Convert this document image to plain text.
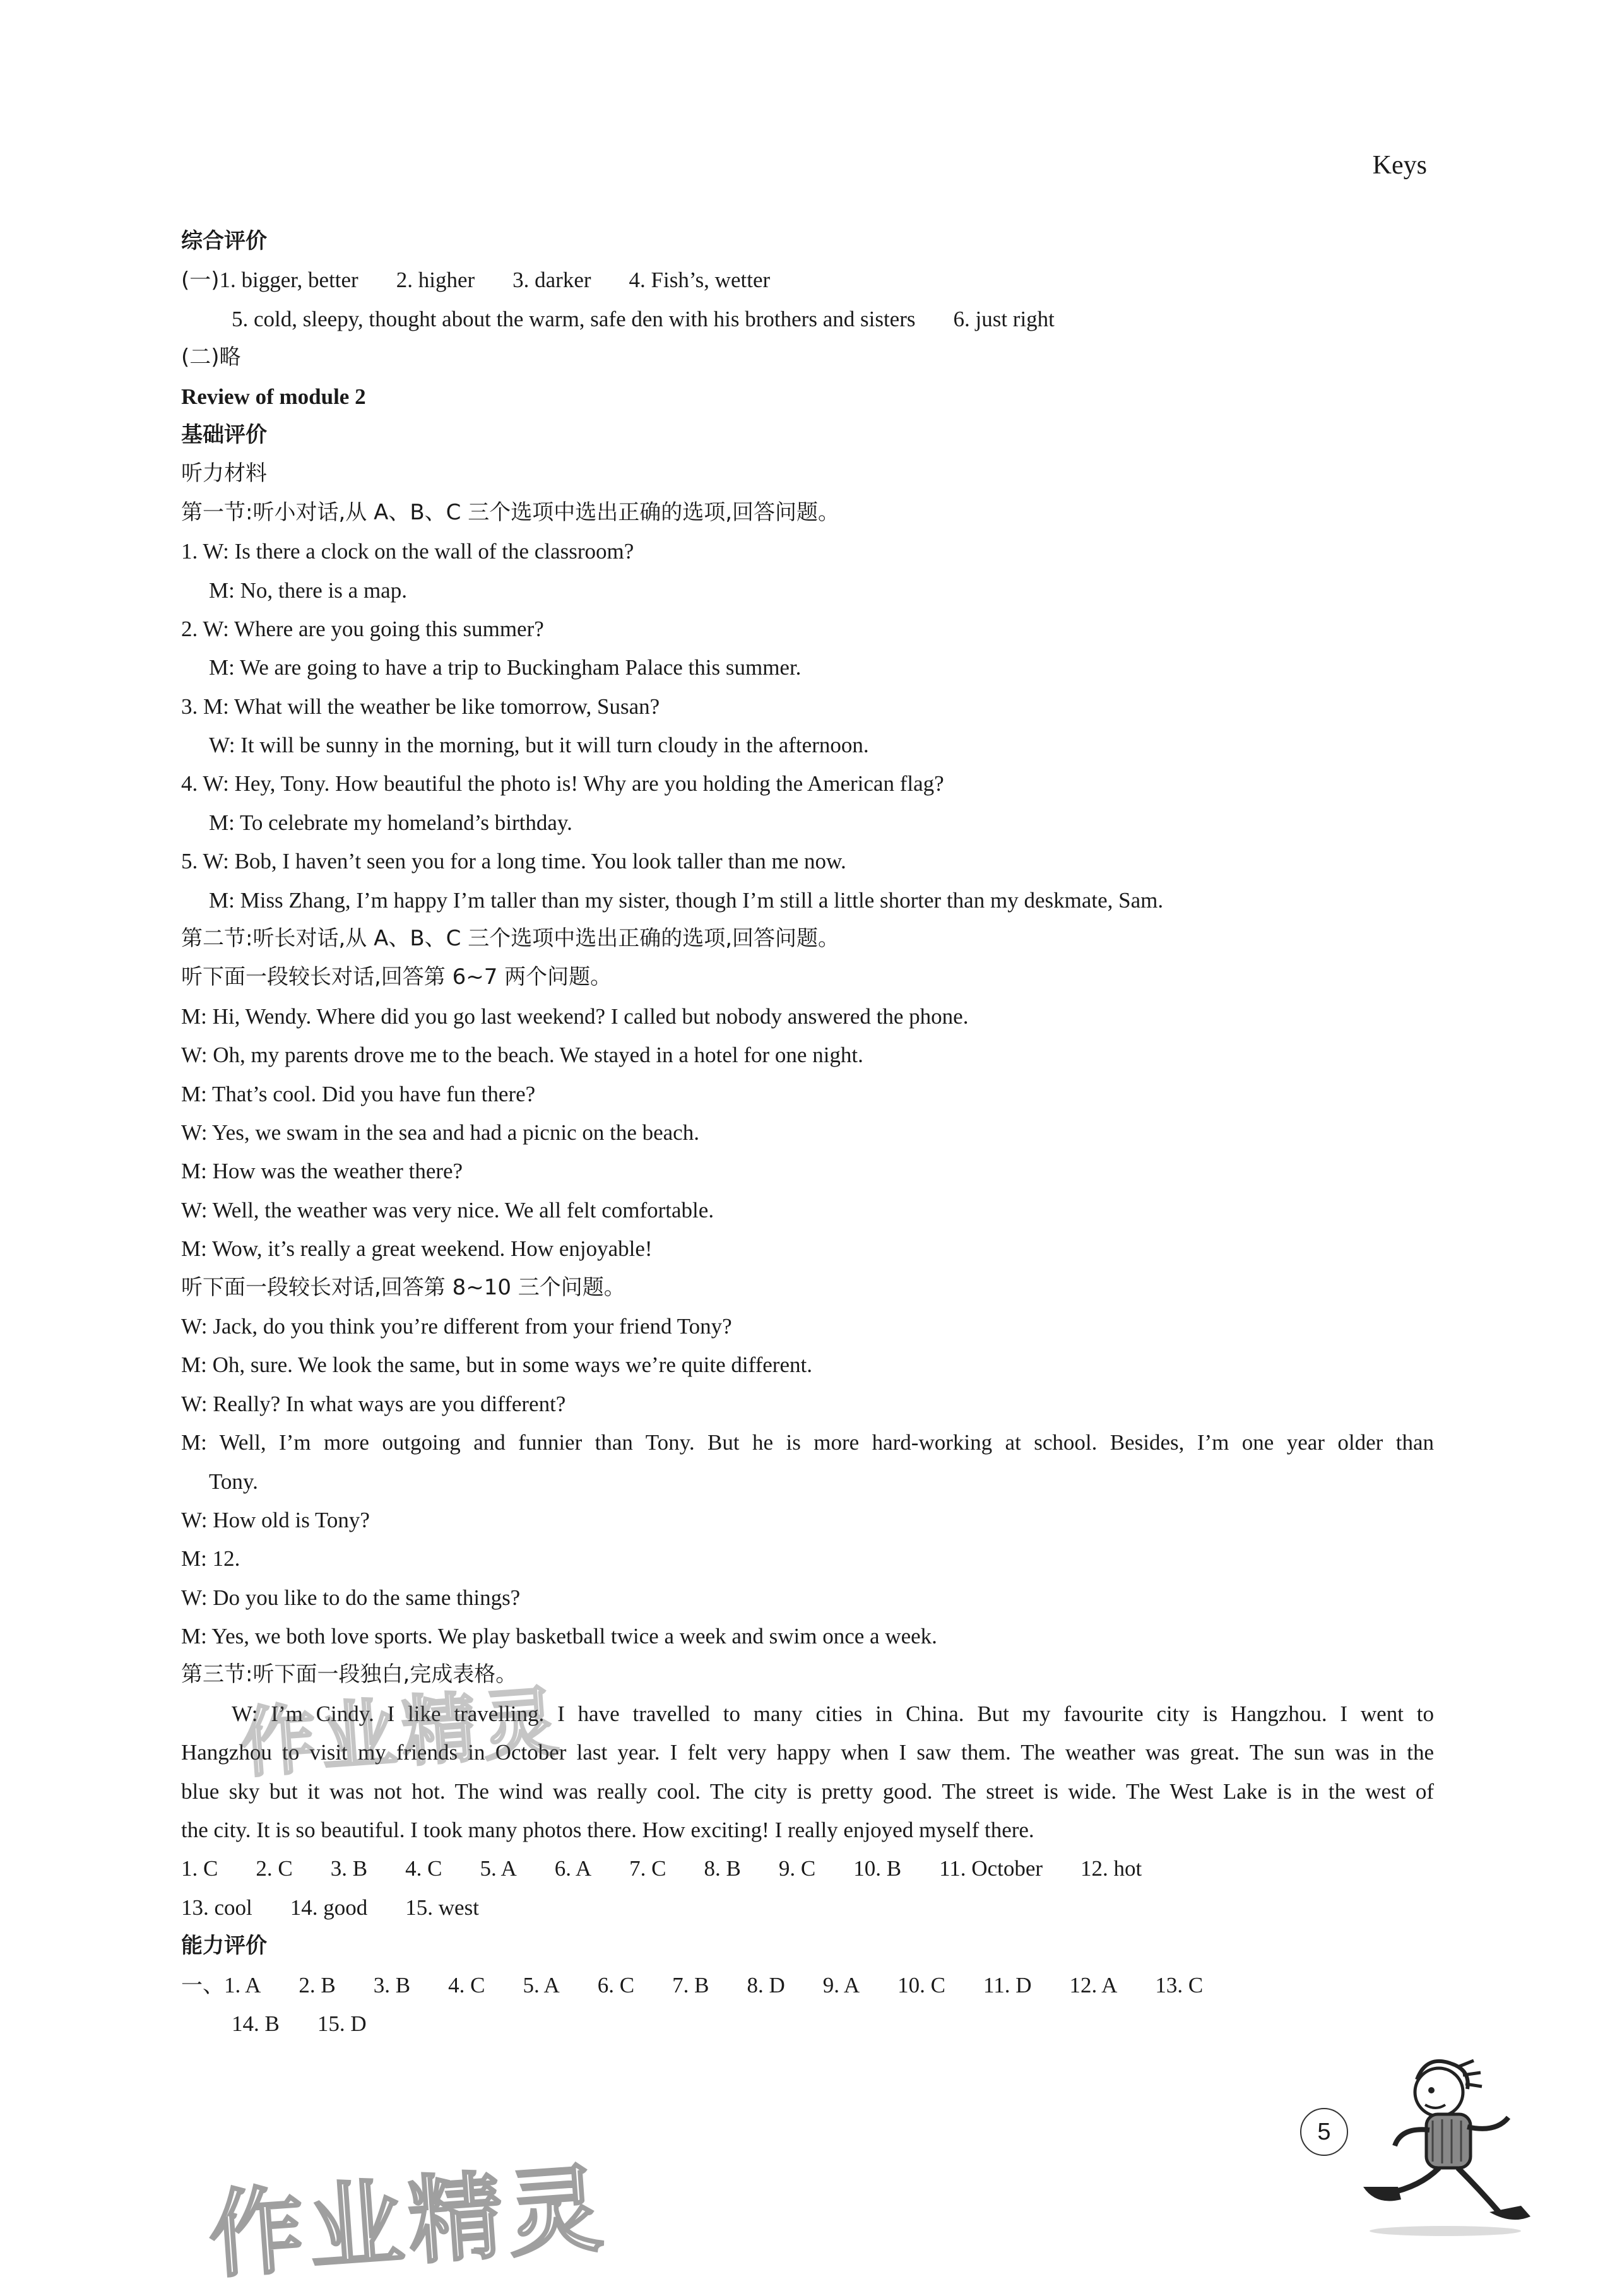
Keys
综合评价
(一)1. bigger, better 2. higher 3. darker 4. Fish’s, wetter
5. cold, sleepy, thought about the warm, safe den with his brothers and sisters 6. just right
(二)略
Review of module 2
基础评价
听力材料
第一节:听小对话,从 A、B、C 三个选项中选出正确的选项,回答问题。
1. W: Is there a clock on the wall of the classroom?
M: No, there is a map.
2. W: Where are you going this summer?
M: We are going to have a trip to Buckingham Palace this summer.
3. M: What will the weather be like tomorrow, Susan?
W: It will be sunny in the morning, but it will turn cloudy in the afternoon.
4. W: Hey, Tony. How beautiful the photo is! Why are you holding the American flag?
M: To celebrate my homeland’s birthday.
5. W: Bob, I haven’t seen you for a long time. You look taller than me now.
M: Miss Zhang, I’m happy I’m taller than my sister, though I’m still a little shorter than my deskmate, Sam.
第二节:听长对话,从 A、B、C 三个选项中选出正确的选项,回答问题。
听下面一段较长对话,回答第 6~7 两个问题。
M: Hi, Wendy. Where did you go last weekend? I called but nobody answered the phone.
W: Oh, my parents drove me to the beach. We stayed in a hotel for one night.
M: That’s cool. Did you have fun there?
W: Yes, we swam in the sea and had a picnic on the beach.
M: How was the weather there?
W: Well, the weather was very nice. We all felt comfortable.
M: Wow, it’s really a great weekend. How enjoyable!
听下面一段较长对话,回答第 8~10 三个问题。
W: Jack, do you think you’re different from your friend Tony?
M: Oh, sure. We look the same, but in some ways we’re quite different.
W: Really? In what ways are you different?
M: Well, I’m more outgoing and funnier than Tony. But he is more hard-working at school. Besides, I’m one year older than
Tony.
W: How old is Tony?
M: 12.
W: Do you like to do the same things?
M: Yes, we both love sports. We play basketball twice a week and swim once a week.
第三节:听下面一段独白,完成表格。
W: I’m Cindy. I like travelling. I have travelled to many cities in China. But my favourite city is Hangzhou. I went to
Hangzhou to visit my friends in October last year. I felt very happy when I saw them. The weather was great. The sun was in the
blue sky but it was not hot. The wind was really cool. The city is pretty good. The street is wide. The West Lake is in the west of
the city. It is so beautiful. I took many photos there. How exciting! I really enjoyed myself there.
1. C 2. C 3. B 4. C 5. A 6. A 7. C 8. B 9. C 10. B 11. October 12. hot
13. cool 14. good 15. west
能力评价
一、1. A 2. B 3. B 4. C 5. A 6. C 7. B 8. D 9. A 10. C 11. D 12. A 13. C
14. B 15. D
作业精灵
作业精灵
5
